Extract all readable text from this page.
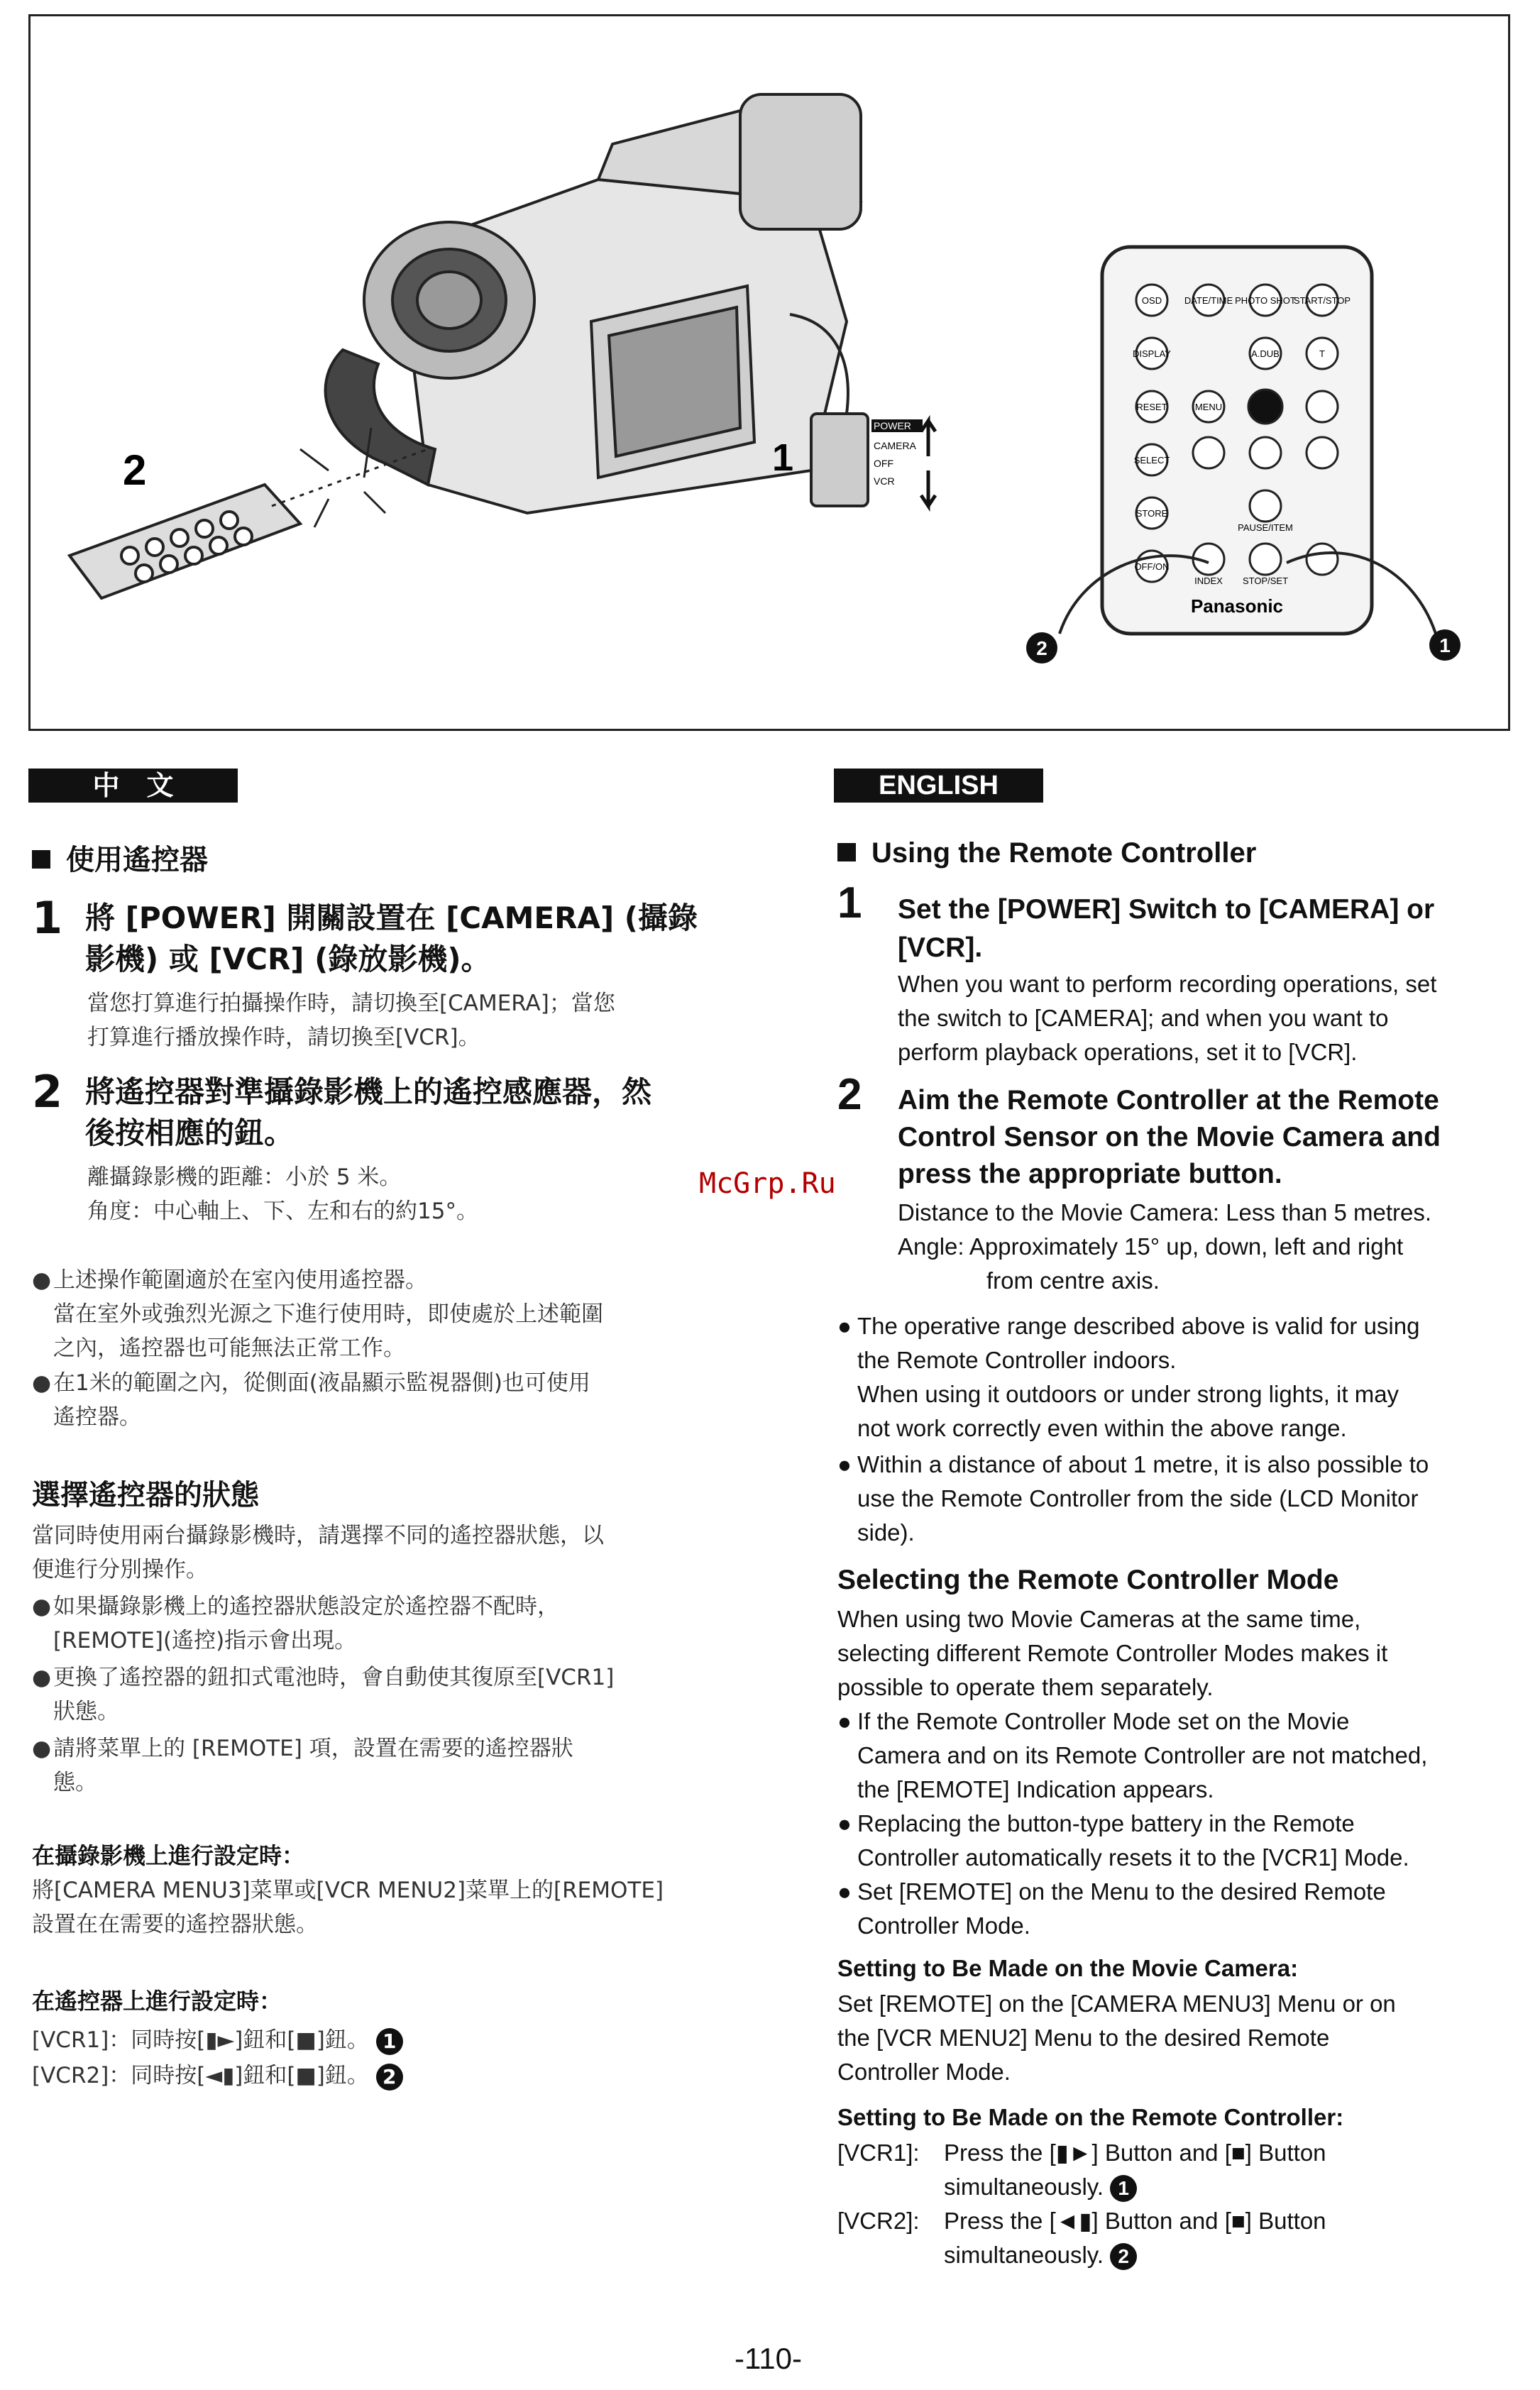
2	1
POWER
CAMERA
OFF
VCR
OSD DATE/TIME PHOTO SHOT
START/STOP
DISPLAY	A.DUB	T
RESET	MENU
SELECT
STORE
OFF/ON
INDEX STOP/SET
PAUSE/ITEM
Panasonic
2	1
中　文
使用遙控器
1 將 [POWER] 開關設置在 [CAMERA] (攝錄
影機) 或 [VCR] (錄放影機)。
當您打算進行拍攝操作時，請切換至[CAMERA]；當您
打算進行播放操作時，請切換至[VCR]。
2 將遙控器對準攝錄影機上的遙控感應器，然
後按相應的鈕。
離攝錄影機的距離：小於 5 米。
角度：中心軸上、下、左和右的約15°。
● 上述操作範圍適於在室內使用遙控器。
當在室外或強烈光源之下進行使用時，即使處於上述範圍
之內，遙控器也可能無法正常工作。
● 在1米的範圍之內，從側面(液晶顯示監視器側)也可使用
遙控器。
選擇遙控器的狀態
當同時使用兩台攝錄影機時，請選擇不同的遙控器狀態，以
便進行分別操作。
● 如果攝錄影機上的遙控器狀態設定於遙控器不配時，
[REMOTE](遙控)指示會出現。
● 更換了遙控器的鈕扣式電池時，會自動使其復原至[VCR1]
狀態。
● 請將菜單上的 [REMOTE] 項，設置在需要的遙控器狀
態。
在攝錄影機上進行設定時：
將[CAMERA MENU3]菜單或[VCR MENU2]菜單上的[REMOTE]
設置在在需要的遙控器狀態。
在遙控器上進行設定時：
[VCR1]：同時按[▮►]鈕和[■]鈕。 1
[VCR2]：同時按[◄▮]鈕和[■]鈕。 2
McGrp.Ru
ENGLISH
Using the Remote Controller
1 Set the [POWER] Switch to [CAMERA] or
[VCR].
When you want to perform recording operations, set
the switch to [CAMERA]; and when you want to
perform playback operations, set it to [VCR].
2 Aim the Remote Controller at the Remote
Control Sensor on the Movie Camera and
press the appropriate button.
Distance to the Movie Camera: Less than 5 metres.
Angle: Approximately 15° up, down, left and right
from centre axis.
● The operative range described above is valid for using
the Remote Controller indoors.
When using it outdoors or under strong lights, it may
not work correctly even within the above range.
● Within a distance of about 1 metre, it is also possible to
use the Remote Controller from the side (LCD Monitor
side).
Selecting the Remote Controller Mode
When using two Movie Cameras at the same time,
selecting different Remote Controller Modes makes it
possible to operate them separately.
● If the Remote Controller Mode set on the Movie
Camera and on its Remote Controller are not matched,
the [REMOTE] Indication appears.
● Replacing the button-type battery in the Remote
Controller automatically resets it to the [VCR1] Mode.
● Set [REMOTE] on the Menu to the desired Remote
Controller Mode.
Setting to Be Made on the Movie Camera:
Set [REMOTE] on the [CAMERA MENU3] Menu or on
the [VCR MENU2] Menu to the desired Remote
Controller Mode.
Setting to Be Made on the Remote Controller:
[VCR1]: Press the [▮►] Button and [■] Button
simultaneously. 1
[VCR2]: Press the [◄▮] Button and [■] Button
simultaneously. 2
-110-
